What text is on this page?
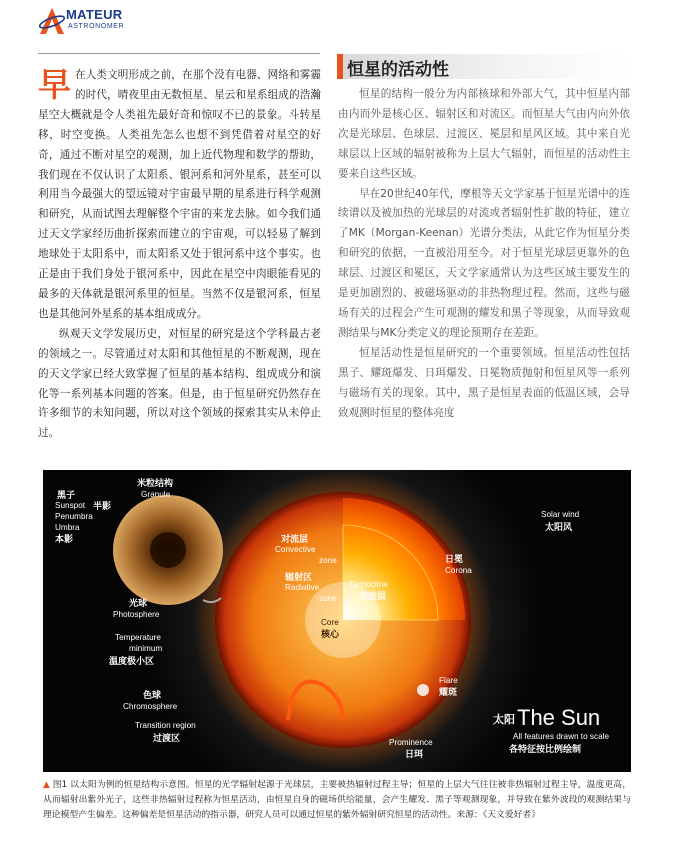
MATEUR
ASTRONOMER
恒星的活动性

早在人类文明形成之前，在那个没有电器、网络和雾霾的时代，晴夜里由无数恒星、星云和星系组成的浩瀚星空大概就是令人类祖先最好奇和惊叹不已的景象。斗转星移，时空变换。人类祖先怎么也想不到凭借着对星空的好奇，通过不断对星空的观测，加上近代物理和数学的帮助，我们现在不仅认识了太阳系、银河系和河外星系，甚至可以利用当今最强大的望远镜对宇宙最早期的星系进行科学观测和研究，从而试图去理解整个宇宙的来龙去脉。如今我们通过天文学家经历曲折探索而建立的宇宙观，可以轻易了解到地球处于太阳系中，而太阳系又处于银河系中这个事实。也正是由于我们身处于银河系中，因此在星空中肉眼能看见的最多的天体就是银河系里的恒星。当然不仅是银河系，恒星也是其他河外星系的基本组成成分。

纵观天文学发展历史，对恒星的研究是这个学科最古老的领域之一。尽管通过对太阳和其他恒星的不断观测，现在的天文学家已经大致掌握了恒星的基本结构、组成成分和演化等一系列基本问题的答案。但是，由于恒星研究仍然存在许多细节的未知问题，所以对这个领域的探索其实从未停止过。

恒星的结构一般分为内部核球和外部大气，其中恒星内部由内而外是核心区、辐射区和对流区。而恒星大气由内向外依次是光球层、色球层、过渡区、冕层和星风区域。其中来自光球层以上区域的辐射被称为上层大气辐射，而恒星的活动性主要来自这些区域。

早在20世纪40年代，摩根等天文学家基于恒星光谱中的连续谱以及被加热的光球层的对流或者辐射性扩散的特征，建立了MK（Morgan-Keenan）光谱分类法，从此它作为恒星分类和研究的依据，一直被沿用至今。对于恒星光球层更靠外的色球层、过渡区和冕区，天文学家通常认为这些区域主要发生的是更加剧烈的、被磁场驱动的非热物理过程。然而，这些与磁场有关的过程会产生可观测的耀发和黑子等现象，从而导致观测结果与MK分类定义的理论预期存在差距。

恒星活动性是恒星研究的一个重要领域。恒星活动性包括黑子、耀斑爆发、日珥爆发、日冕物质抛射和恒星风等一系列与磁场有关的现象。其中，黑子是恒星表面的低温区域，会导致观测时恒星的整体亮度

米粒结构
Granule
黑子
Sunspot 半影
Penumbra
Umbra
本影	对流层
Convective
zone
辐射区
Radiative
zone
Tachocline
差旋层
Core
核心
光球
Photosphere
Temperature
minimum
温度极小区
色球
Chromosphere
Transition region
过渡区	Prominence
日珥
Flare
耀斑
日冕
Corona
Solar wind
太阳风
太阳 The Sun
All features drawn to scale
各特征按比例绘制
▲ 图1 以太阳为例的恒星结构示意图。恒星的光学辐射起源于光球层，主要被热辐射过程主导；恒星的上层大气往往被非热辐射过程主导，温度更高，从而辐射出紫外光子，这些非热辐射过程称为恒星活动，由恒星自身的磁场供给能量，会产生耀发、黑子等观测现象，并导致在紫外波段的观测结果与理论模型产生偏差。这种偏差是恒星活动的指示器，研究人员可以通过恒星的紫外辐射研究恒星的活动性。来源：《天文爱好者》
